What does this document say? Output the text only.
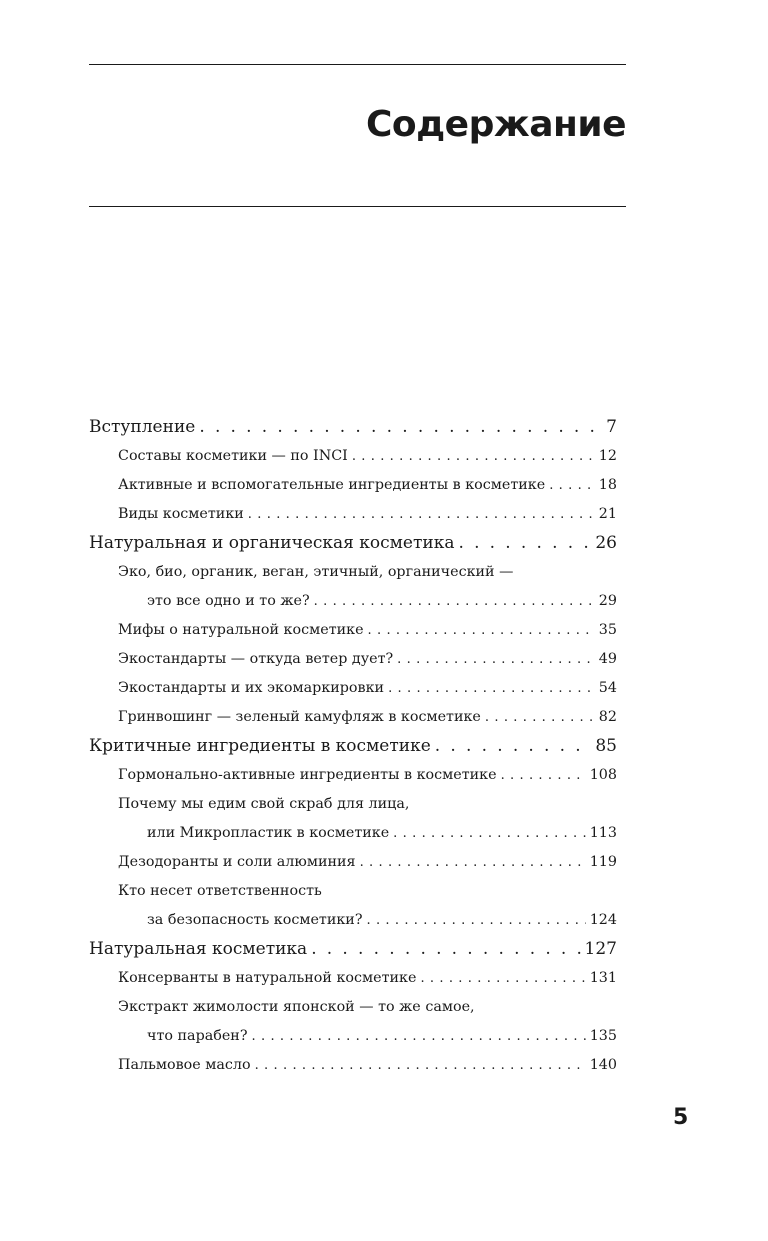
Содержание
Вступление . . .	7
Составы косметики — по INCI . . .	12
Активные и вспомогательные ингредиенты в косметике . . .	18
Виды косметики . . .	21
Натуральная и органическая косметика . . .	26
Эко, био, органик, веган, этичный, органический —
это все одно и то же? . . .	29
Мифы о натуральной косметике . . .	35
Экостандарты — откуда ветер дует? . . .	49
Экостандарты и их экомаркировки . . .	54
Гринвошинг — зеленый камуфляж в косметике . . .	82
Критичные ингредиенты в косметике . . .	85
Гормонально-активные ингредиенты в косметике . . .	108
Почему мы едим свой скраб для лица,
или Микропластик в косметике . . .	113
Дезодоранты и соли алюминия . . .	119
Кто несет ответственность
за безопасность косметики? . . .	124
Натуральная косметика . . .	127
Консерванты в натуральной косметике . . .	131
Экстракт жимолости японской — то же самое,
что парабен? . . .	135
Пальмовое масло . . .	140
5
